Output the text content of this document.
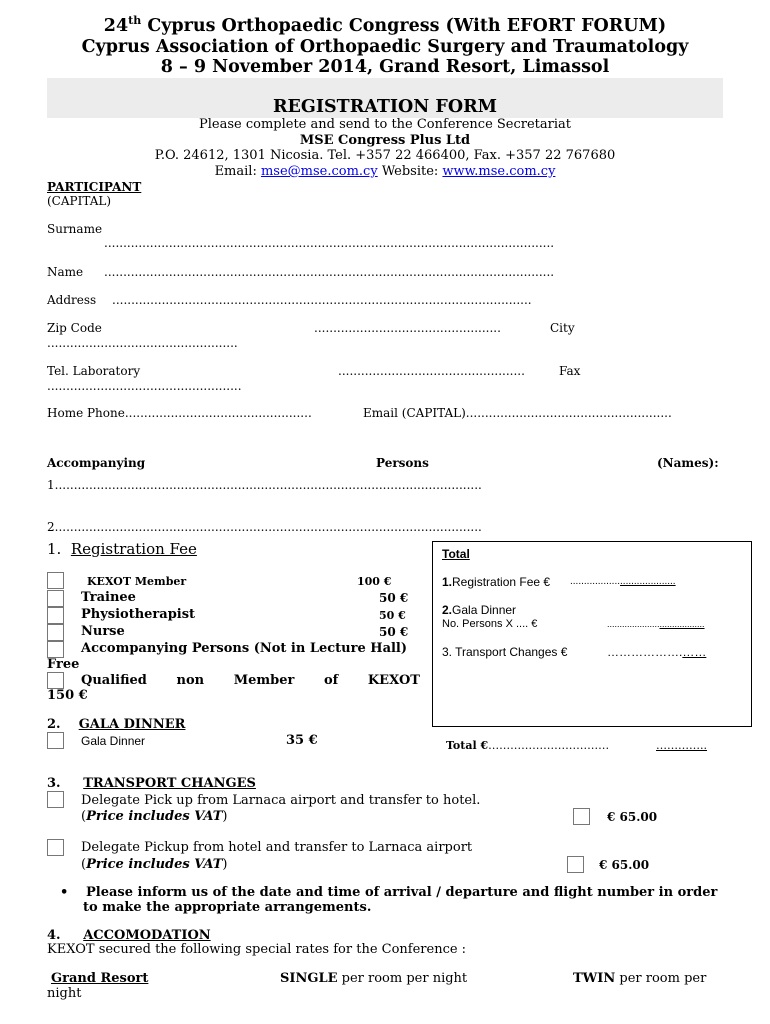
24th Cyprus Orthopaedic Congress (With EFORT FORUM)
Cyprus Association of Orthopaedic Surgery and Traumatology
8 – 9 November 2014, Grand Resort, Limassol
REGISTRATION FORM
Please complete and send to the Conference Secretariat
MSE Congress Plus Ltd
P.O. 24612, 1301 Nicosia. Tel. +357 22 466400, Fax. +357 22 767680
Email: mse@mse.com.cy Website: www.mse.com.cy
PARTICIPANT
(CAPITAL)
Surname
......................................................................................................................
Name ......................................................................................................................
Address ..............................................................................................................
Zip Code	.................................................	City
..................................................
Tel. Laboratory	.................................................	Fax
...................................................
Home Phone.................................................	Email (CAPITAL)......................................................
Accompanying	Persons	(Names):
1................................................................................................................
2................................................................................................................
1. Registration Fee
KEXOT Member	100 €
Trainee	50 €
Physiotherapist	50 €
Nurse	50 €
Accompanying Persons (Not in Lecture Hall)
Free
Qualified non Member of KEXOT
150 €
Total
1.Registration Fee € ......................................
2.Gala Dinner
No. Persons X .... €	.......................................
3. Transport Changes €	……………….……
2. GALA DINNER
Gala Dinner	35 €	Total €……………………………	…………..
3. TRANSPORT CHANGES
Delegate Pick up from Larnaca airport and transfer to hotel.
(Price includes VAT)	€ 65.00
Delegate Pickup from hotel and transfer to Larnaca airport
(Price includes VAT)	€ 65.00
• Please inform us of the date and time of arrival / departure and flight number in order
to make the appropriate arrangements.
4. ACCOMODATION
KEXOT secured the following special rates for the Conference :
Grand Resort	SINGLE per room per night	TWIN per room per
night
